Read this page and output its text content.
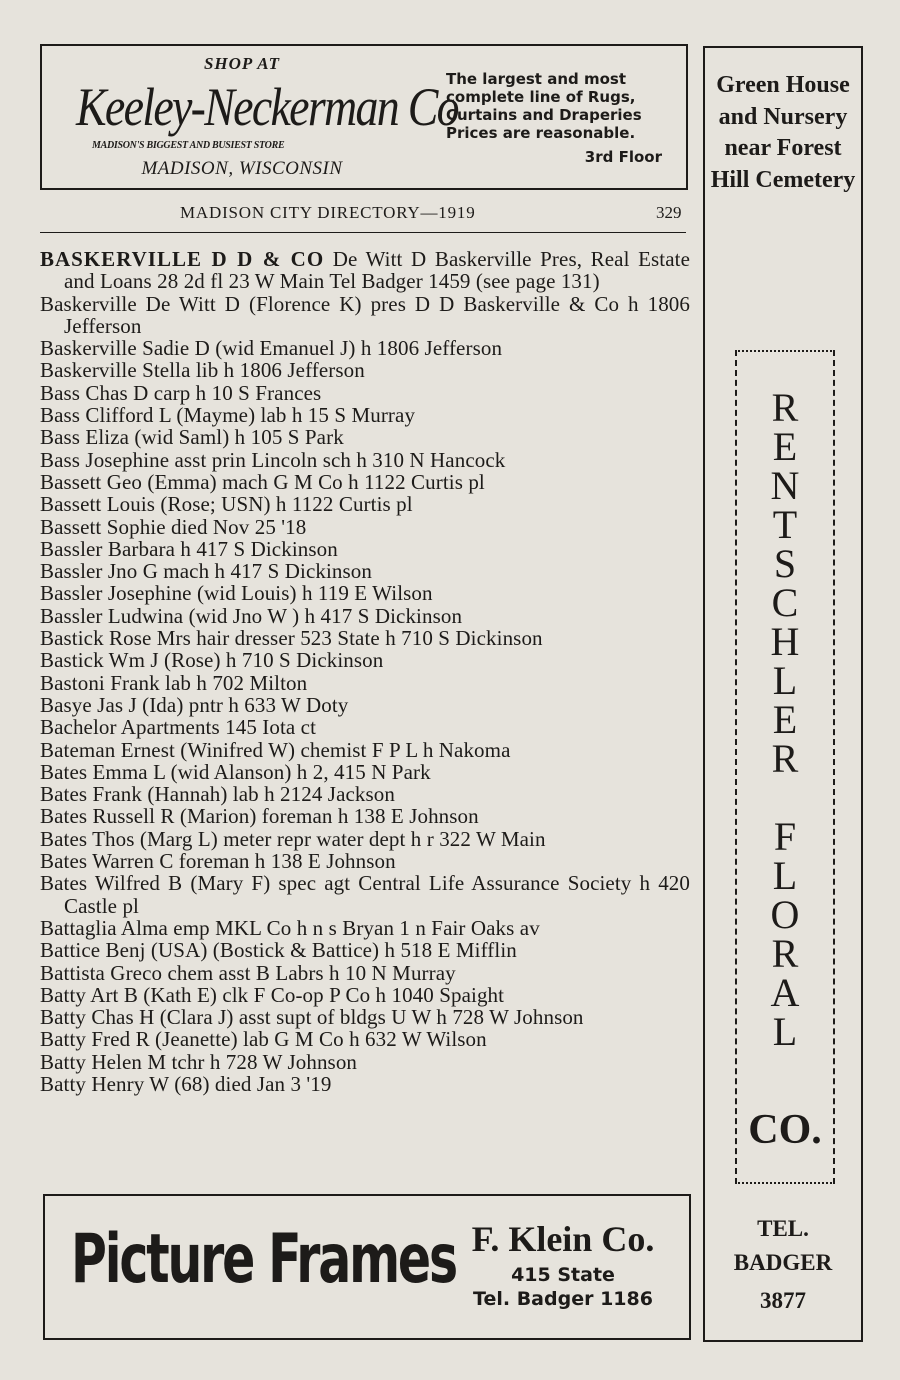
SHOP AT
Keeley-Neckerman Co
MADISON'S BIGGEST AND BUSIEST STORE
MADISON, WISCONSIN
The largest and most complete line of Rugs, Curtains and Draperies Prices are reasonable.
3rd Floor
MADISON CITY DIRECTORY—1919	329
BASKERVILLE D D & CO De Witt D Baskerville Pres, Real Estate and Loans 28 2d fl 23 W Main Tel Badger 1459 (see page 131)
Baskerville De Witt D (Florence K) pres D D Baskerville & Co h 1806 Jefferson
Baskerville Sadie D (wid Emanuel J) h 1806 Jefferson
Baskerville Stella lib h 1806 Jefferson
Bass Chas D carp h 10 S Frances
Bass Clifford L (Mayme) lab h 15 S Murray
Bass Eliza (wid Saml) h 105 S Park
Bass Josephine asst prin Lincoln sch h 310 N Hancock
Bassett Geo (Emma) mach G M Co h 1122 Curtis pl
Bassett Louis (Rose; USN) h 1122 Curtis pl
Bassett Sophie died Nov 25 '18
Bassler Barbara h 417 S Dickinson
Bassler Jno G mach h 417 S Dickinson
Bassler Josephine (wid Louis) h 119 E Wilson
Bassler Ludwina (wid Jno W ) h 417 S Dickinson
Bastick Rose Mrs hair dresser 523 State h 710 S Dickinson
Bastick Wm J (Rose) h 710 S Dickinson
Bastoni Frank lab h 702 Milton
Basye Jas J (Ida) pntr h 633 W Doty
Bachelor Apartments 145 Iota ct
Bateman Ernest (Winifred W) chemist F P L h Nakoma
Bates Emma L (wid Alanson) h 2, 415 N Park
Bates Frank (Hannah) lab h 2124 Jackson
Bates Russell R (Marion) foreman h 138 E Johnson
Bates Thos (Marg L) meter repr water dept h r 322 W Main
Bates Warren C foreman h 138 E Johnson
Bates Wilfred B (Mary F) spec agt Central Life Assurance Society h 420 Castle pl
Battaglia Alma emp MKL Co h n s Bryan 1 n Fair Oaks av
Battice Benj (USA) (Bostick & Battice) h 518 E Mifflin
Battista Greco chem asst B Labrs h 10 N Murray
Batty Art B (Kath E) clk F Co-op P Co h 1040 Spaight
Batty Chas H (Clara J) asst supt of bldgs U W h 728 W Johnson
Batty Fred R (Jeanette) lab G M Co h 632 W Wilson
Batty Helen M tchr h 728 W Johnson
Batty Henry W (68) died Jan 3 '19
Picture Frames F. Klein Co.
415 State
Tel. Badger 1186
Green House and Nursery near Forest Hill Cemetery
R
E
N
T
S
C
H
L
E
R

F
L
O
R
A
L
CO.
TEL.
BADGER
3877
